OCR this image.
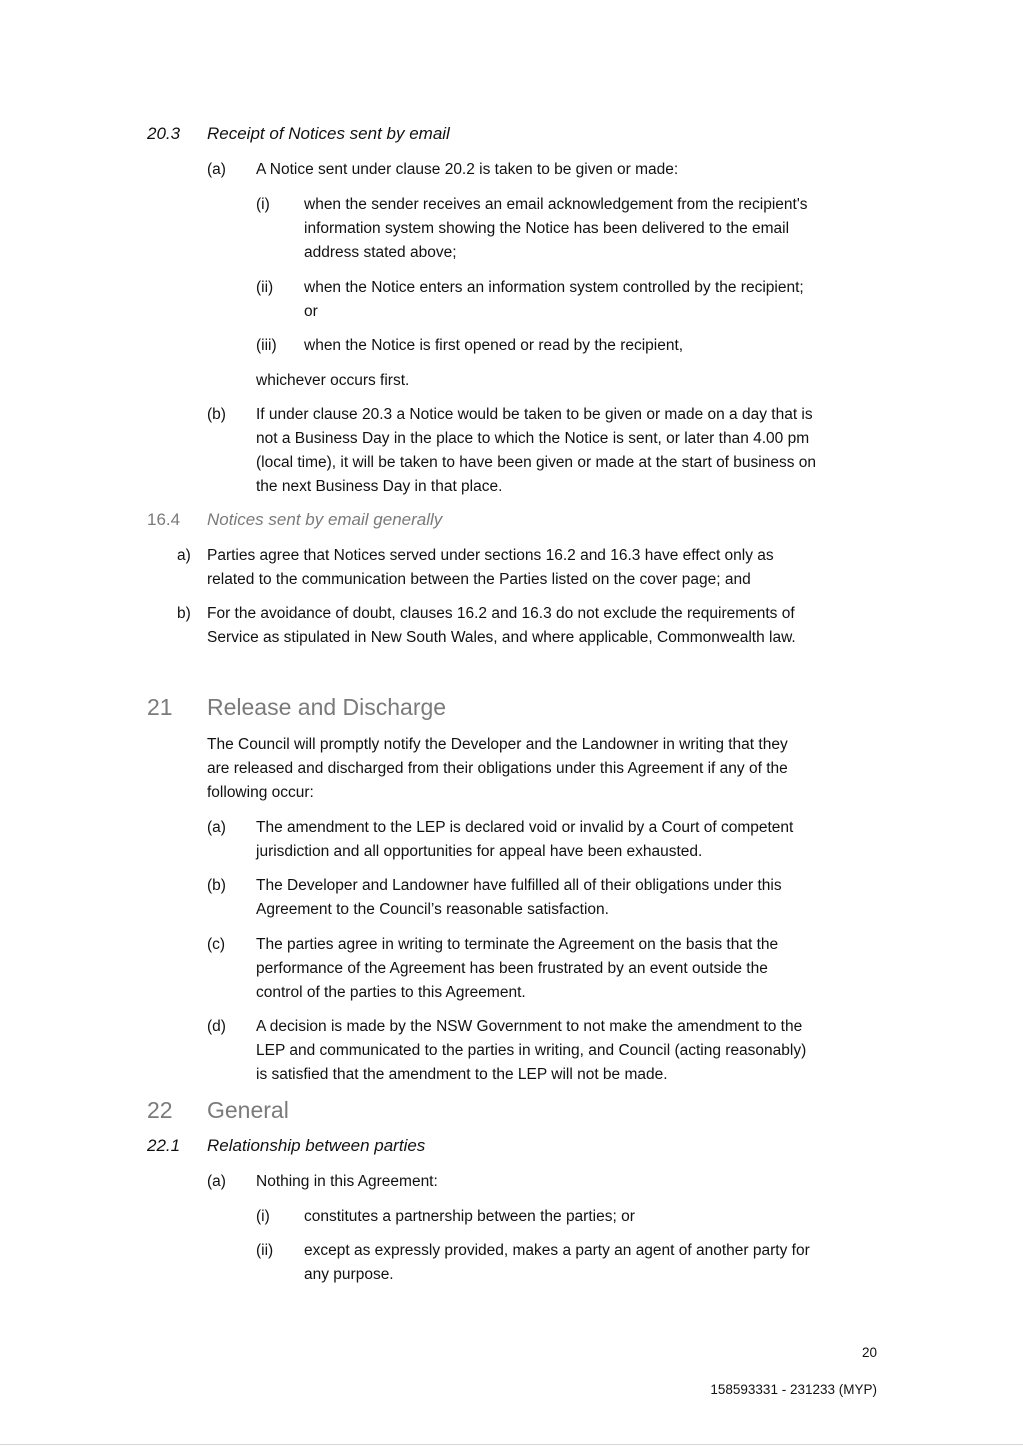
20.3 Receipt of Notices sent by email
(a) A Notice sent under clause 20.2 is taken to be given or made:
(i) when the sender receives an email acknowledgement from the recipient's
information system showing the Notice has been delivered to the email
address stated above;
(ii) when the Notice enters an information system controlled by the recipient;
or
(iii) when the Notice is first opened or read by the recipient,
whichever occurs first.
(b) If under clause 20.3 a Notice would be taken to be given or made on a day that is
not a Business Day in the place to which the Notice is sent, or later than 4.00 pm
(local time), it will be taken to have been given or made at the start of business on
the next Business Day in that place.
16.4 Notices sent by email generally
a) Parties agree that Notices served under sections 16.2 and 16.3 have effect only as
related to the communication between the Parties listed on the cover page; and
b) For the avoidance of doubt, clauses 16.2 and 16.3 do not exclude the requirements of
Service as stipulated in New South Wales, and where applicable, Commonwealth law.
21 Release and Discharge
The Council will promptly notify the Developer and the Landowner in writing that they
are released and discharged from their obligations under this Agreement if any of the
following occur:
(a) The amendment to the LEP is declared void or invalid by a Court of competent
jurisdiction and all opportunities for appeal have been exhausted.
(b) The Developer and Landowner have fulfilled all of their obligations under this
Agreement to the Council’s reasonable satisfaction.
(c) The parties agree in writing to terminate the Agreement on the basis that the
performance of the Agreement has been frustrated by an event outside the
control of the parties to this Agreement.
(d) A decision is made by the NSW Government to not make the amendment to the
LEP and communicated to the parties in writing, and Council (acting reasonably)
is satisfied that the amendment to the LEP will not be made.
22 General
22.1 Relationship between parties
(a) Nothing in this Agreement:
(i) constitutes a partnership between the parties; or
(ii) except as expressly provided, makes a party an agent of another party for
any purpose.
20
158593331 - 231233 (MYP)
